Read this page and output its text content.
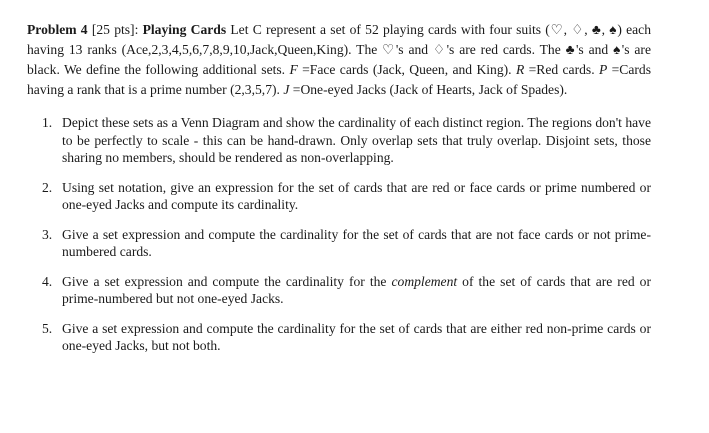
Problem 4 [25 pts]: Playing Cards Let C represent a set of 52 playing cards with four suits (♡, ♢, ♣, ♠) each having 13 ranks (Ace,2,3,4,5,6,7,8,9,10,Jack,Queen,King). The ♡'s and ♢'s are red cards. The ♣'s and ♠'s are black. We define the following additional sets. F =Face cards (Jack, Queen, and King). R =Red cards. P =Cards having a rank that is a prime number (2,3,5,7). J =One-eyed Jacks (Jack of Hearts, Jack of Spades).

1. Depict these sets as a Venn Diagram and show the cardinality of each distinct region. The regions don't have to be perfectly to scale - this can be hand-drawn. Only overlap sets that truly overlap. Disjoint sets, those sharing no members, should be rendered as non-overlapping.
2. Using set notation, give an expression for the set of cards that are red or face cards or prime numbered or one-eyed Jacks and compute its cardinality.
3. Give a set expression and compute the cardinality for the set of cards that are not face cards or not prime-numbered cards.
4. Give a set expression and compute the cardinality for the complement of the set of cards that are red or prime-numbered but not one-eyed Jacks.
5. Give a set expression and compute the cardinality for the set of cards that are either red non-prime cards or one-eyed Jacks, but not both.
